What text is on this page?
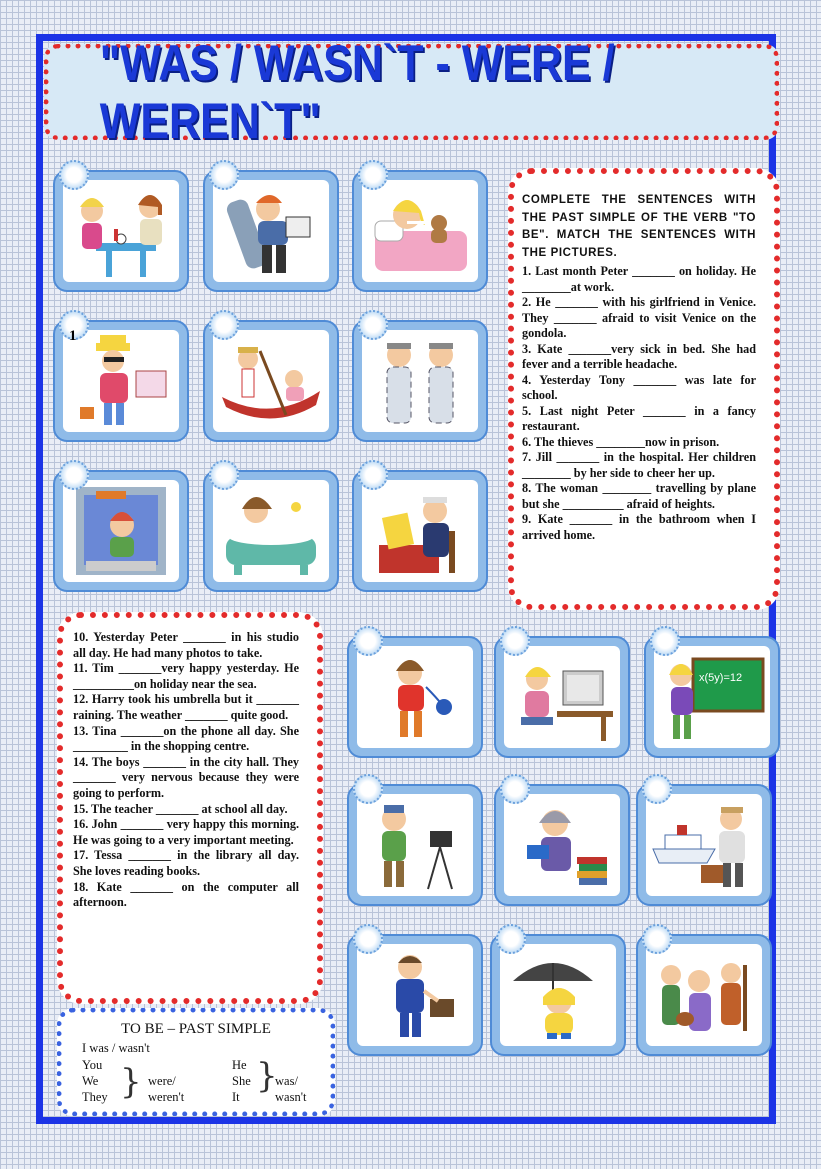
"WAS / WASN`T - WERE / WEREN`T"
1
COMPLETE THE SENTENCES WITH THE PAST SIMPLE OF THE VERB "TO BE". MATCH THE SENTENCES WITH THE PICTURES.
1. Last month Peter _______ on holiday. He ________at work.
2. He _______ with his girlfriend in Venice. They _______ afraid to visit Venice on the gondola.
3. Kate _______very sick in bed. She had fever and a terrible headache.
4. Yesterday Tony _______ was late for school.
5. Last night Peter _______ in a fancy restaurant.
6. The thieves ________now in prison.
7. Jill _______ in the hospital. Her children ________ by her side to cheer her up.
8. The woman ________ travelling by plane but she __________ afraid of heights.
9. Kate _______ in the bathroom when I arrived home.
10. Yesterday Peter _______ in his studio all day. He had many photos to take.
11. Tim _______very happy yesterday. He __________on holiday near the sea.
12. Harry took his umbrella but it _______ raining. The weather _______ quite good.
13. Tina _______on the phone all day. She _________ in the shopping centre.
14. The boys _______ in the city hall. They _______ very nervous because they were going to perform.
15. The teacher _______ at school all day.
16. John _______ very happy this morning. He was going to a very important meeting.
17. Tessa _______ in the library all day. She loves reading books.
18. Kate _______ on the computer all afternoon.
x(5y)=12
TO BE – PAST SIMPLE
I was / wasn't
You
We
They } were/
weren't
He
She
It
}
was/
wasn't
